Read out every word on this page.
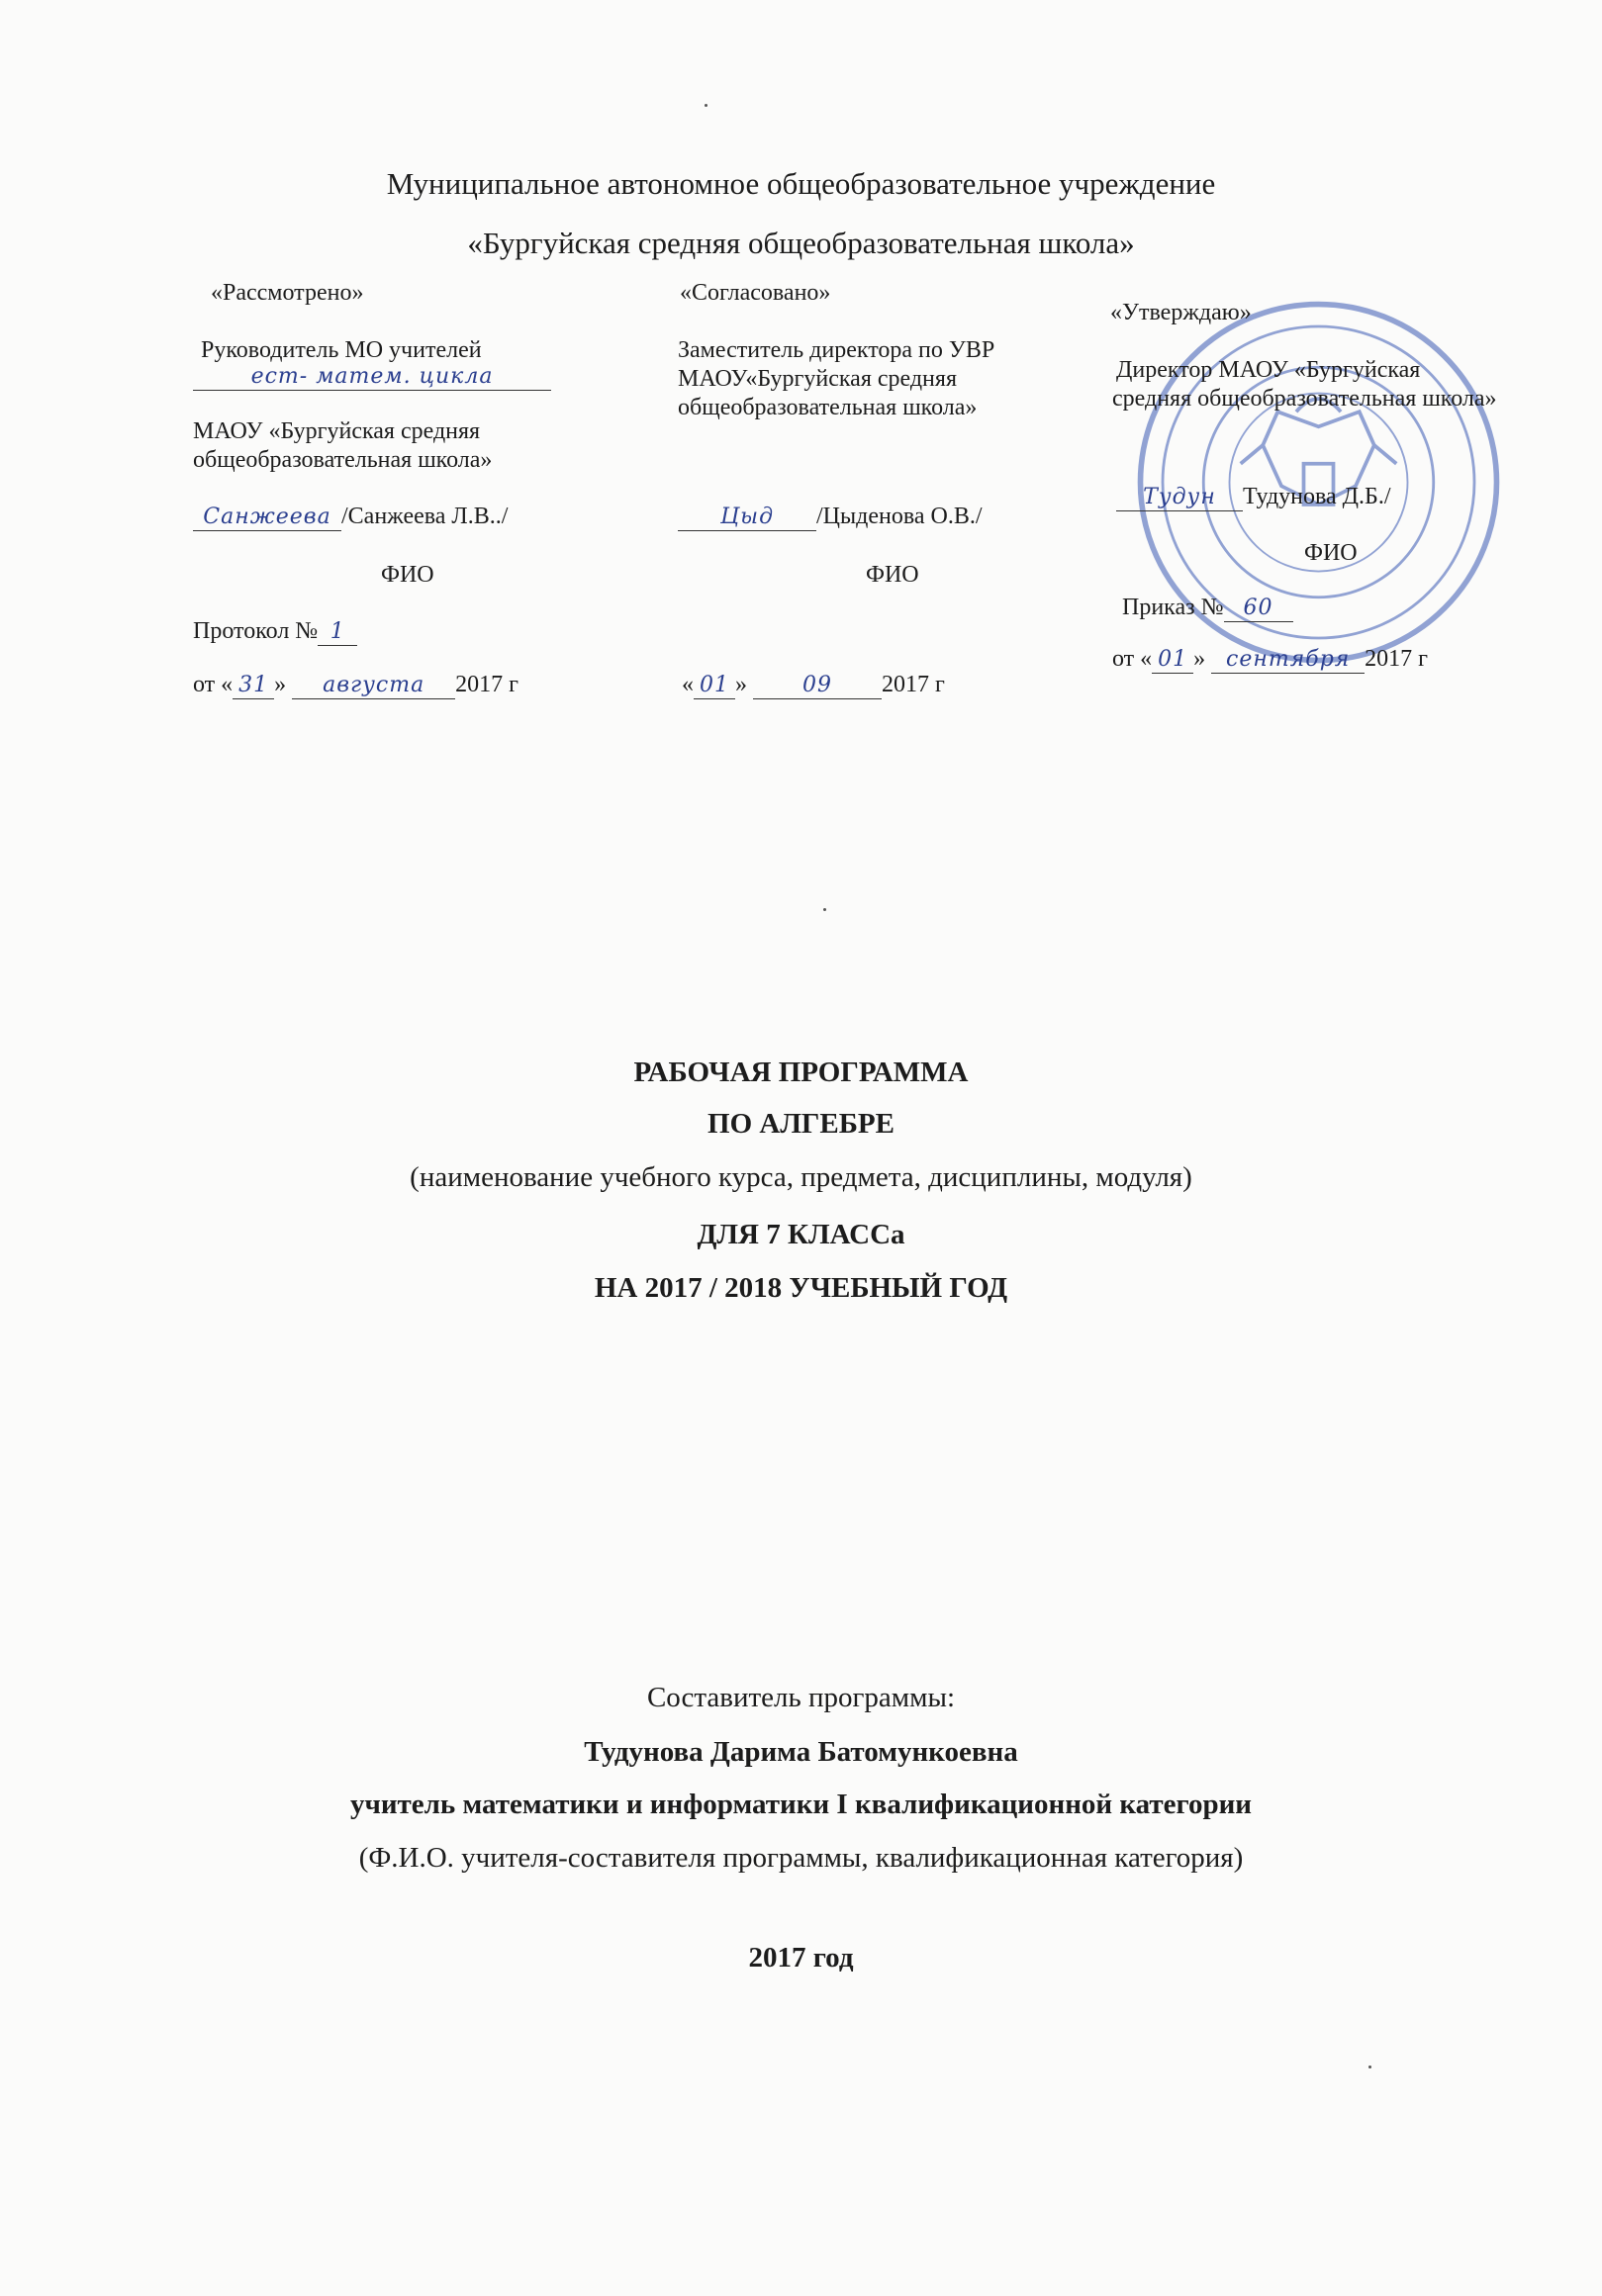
Муниципальное автономное общеобразовательное учреждение
«Бургуйская средняя общеобразовательная школа»
«Рассмотрено»
Руководитель МО учителей
ест- матем. цикла
МАОУ «Бургуйская средняя
общеобразовательная школа»
Санжеева /Санжеева Л.В../
ФИО
Протокол № 1
от « 31 » августа 2017 г
«Согласовано»
Заместитель директора по УВР
МАОУ«Бургуйская средняя
общеобразовательная школа»
Цыд /Цыденова О.В./
ФИО
« 01 » 09 2017 г
«Утверждаю»
Директор МАОУ «Бургуйская
средняя общеобразовательная школа»
Тудун Тудунова Д.Б./
ФИО
Приказ № 60
от « 01 » сентября 2017 г
РАБОЧАЯ ПРОГРАММА
ПО АЛГЕБРЕ
(наименование учебного курса, предмета, дисциплины, модуля)
ДЛЯ 7 КЛАССа
НА 2017 / 2018 УЧЕБНЫЙ ГОД
Составитель программы:
Тудунова Дарима Батомункоевна
учитель математики и информатики I квалификационной категории
(Ф.И.О. учителя-составителя программы, квалификационная категория)
2017 год
